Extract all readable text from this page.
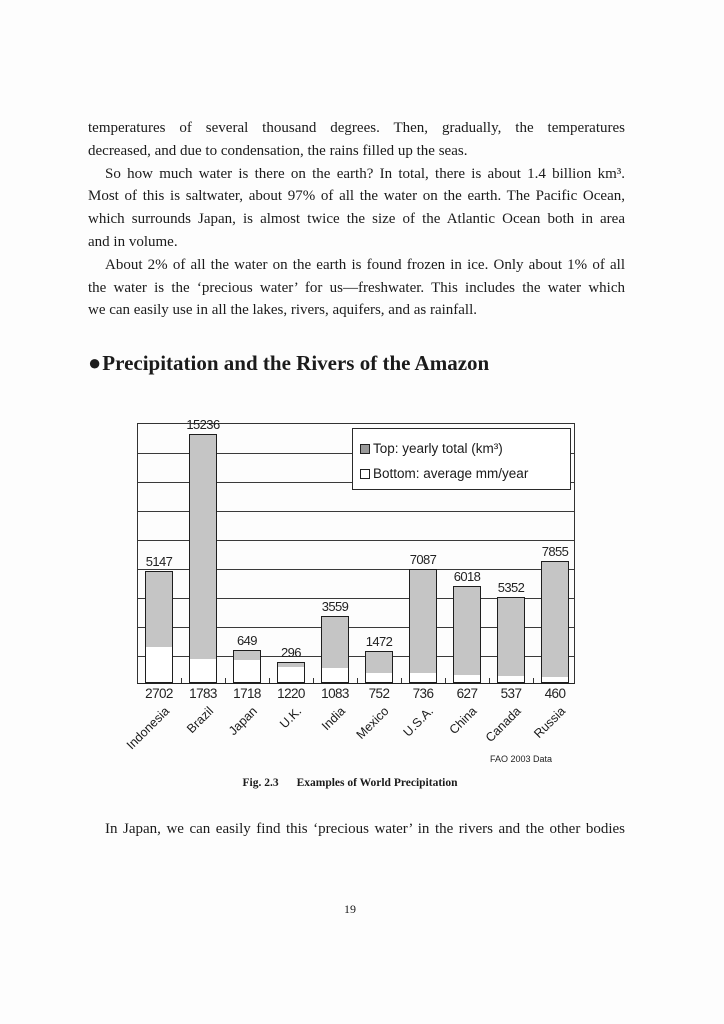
temperatures of several thousand degrees. Then, gradually, the temperatures
decreased, and due to condensation, the rains filled up the seas.
So how much water is there on the earth? In total, there is about 1.4 billion km³.
Most of this is saltwater, about 97% of all the water on the earth. The Pacific Ocean,
which surrounds Japan, is almost twice the size of the Atlantic Ocean both in area
and in volume.
About 2% of all the water on the earth is found frozen in ice. Only about 1% of all
the water is the ‘precious water’ for us—freshwater. This includes the water which
we can easily use in all the lakes, rivers, aquifers, and as rainfall.
●Precipitation and the Rivers of the Amazon
5147
2702
Indonesia
15236
1783
Brazil
649
1718
Japan
296
1220
U.K.
3559
1083
India
1472
752
Mexico
7087
736
U.S.A.
6018
627
China
5352
537
Canada
7855
460
Russia
Top: yearly total (km³)
Bottom: average mm/year
FAO 2003 Data
Fig. 2.3 Examples of World Precipitation
In Japan, we can easily find this ‘precious water’ in the rivers and the other bodies
19
